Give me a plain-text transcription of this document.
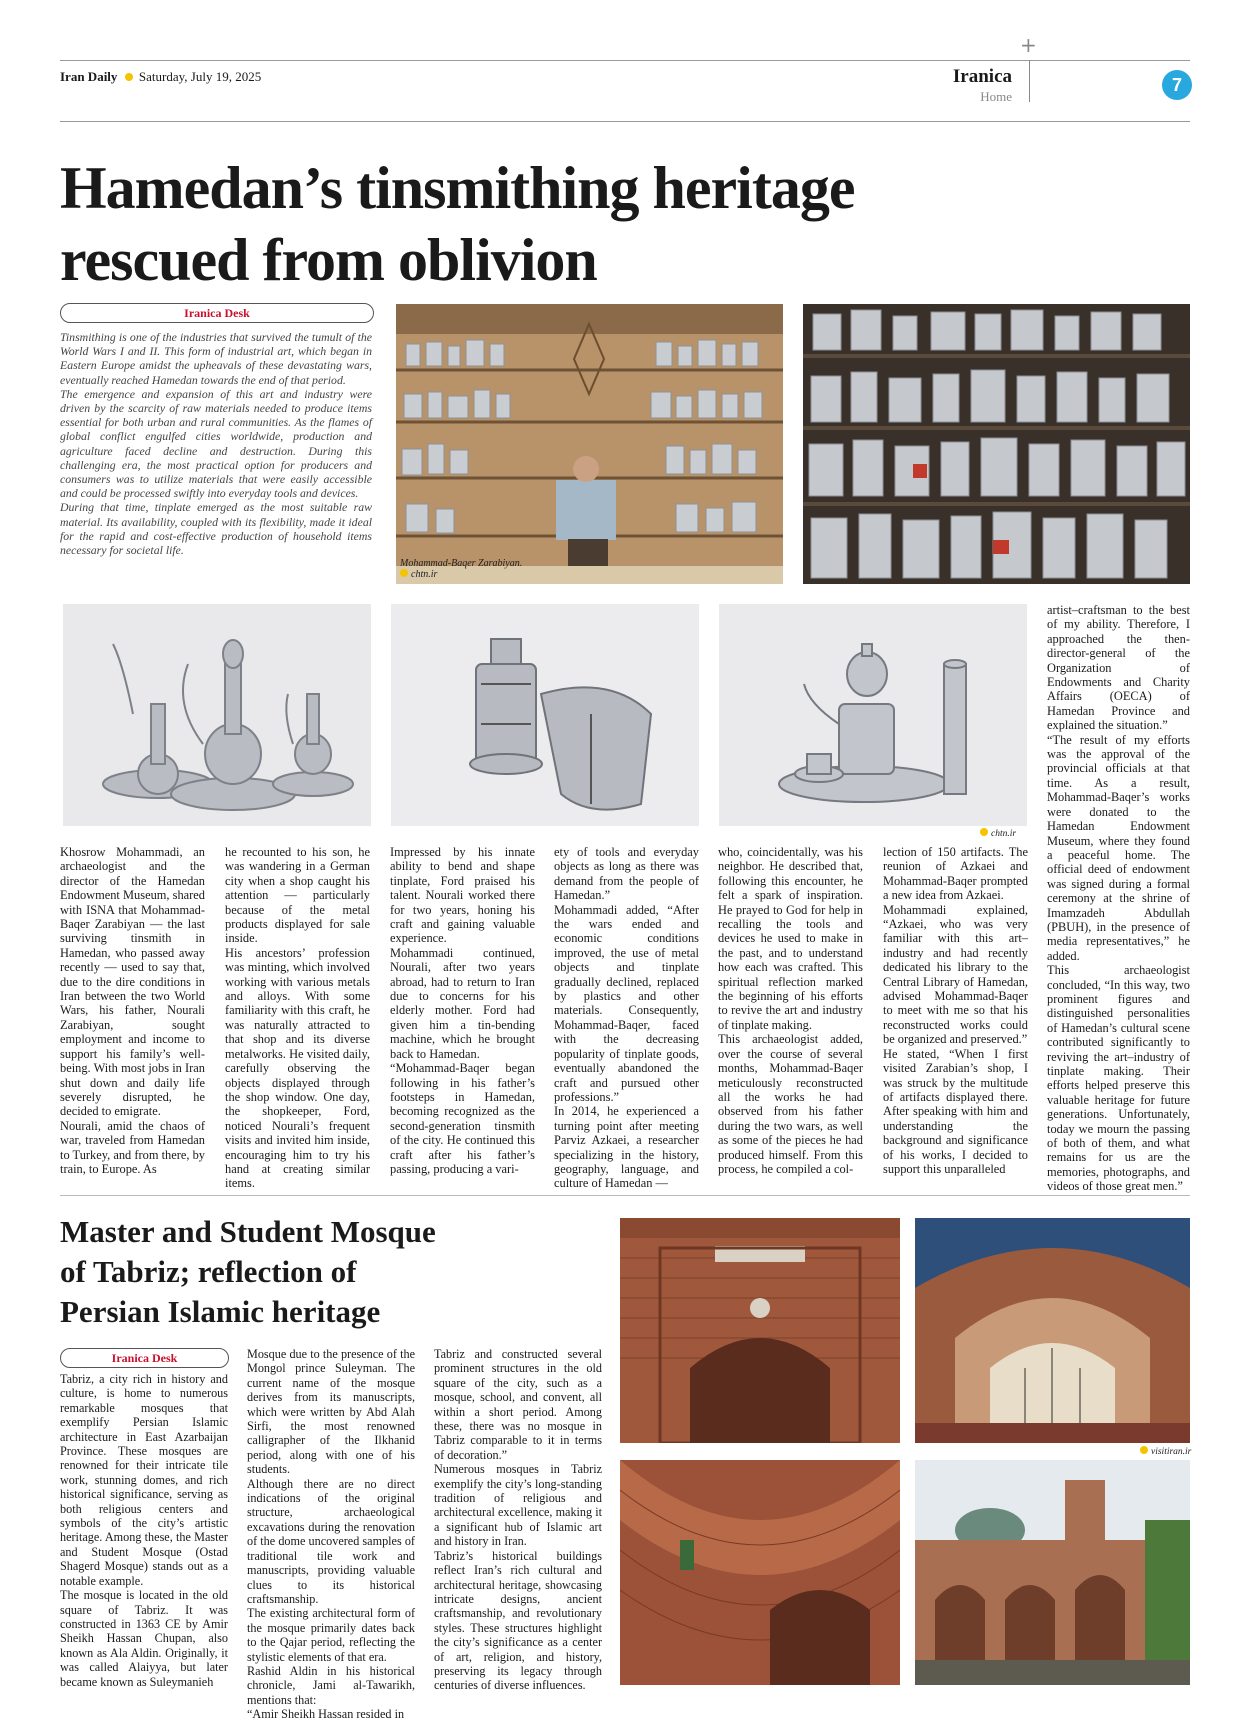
+
Iran Daily Saturday, July 19, 2025	Iranica
Home
7
Hamedan’s tinsmithing heritage
rescued from oblivion
Iranica Desk

Tinsmithing is one of the industries that survived the tumult of the World Wars I and II. This form of industrial art, which began in Eastern Europe amidst the upheavals of these devastating wars, eventually reached Hamedan towards the end of that period.

The emergence and expansion of this art and industry were driven by the scarcity of raw materials needed to produce items essential for both urban and rural communities. As the flames of global conflict engulfed cities worldwide, production and agriculture faced decline and destruction. During this challenging era, the most practical option for producers and consumers was to utilize materials that were easily accessible and could be processed swiftly into everyday tools and devices.

During that time, tinplate emerged as the most suitable raw material. Its availability, coupled with its flexibility, made it ideal for the rapid and cost-effective production of household items necessary for societal life.

Mohammad-Baqer Zarabiyan.
chtn.ir
chtn.ir

Khosrow Mohammadi, an archaeologist and the director of the Hamedan Endowment Museum, shared with ISNA that Mohammad-Baqer Zarabiyan — the last surviving tinsmith in Hamedan, who passed away recently — used to say that, due to the dire conditions in Iran between the two World Wars, his father, Nourali Zarabiyan, sought employment and income to support his family’s well-being. With most jobs in Iran shut down and daily life severely disrupted, he decided to emigrate.

Nourali, amid the chaos of war, traveled from Hamedan to Turkey, and from there, by train, to Europe. As

he recounted to his son, he was wandering in a German city when a shop caught his attention — particularly because of the metal products displayed for sale inside.

His ancestors’ profession was minting, which involved working with various metals and alloys. With some familiarity with this craft, he was naturally attracted to that shop and its diverse metalworks. He visited daily, carefully observing the objects displayed through the shop window. One day, the shopkeeper, Ford, noticed Nourali’s frequent visits and invited him inside, encouraging him to try his hand at creating similar items.

Impressed by his innate ability to bend and shape tinplate, Ford praised his talent. Nourali worked there for two years, honing his craft and gaining valuable experience.

Mohammadi continued, Nourali, after two years abroad, had to return to Iran due to concerns for his elderly mother. Ford had given him a tin-bending machine, which he brought back to Hamedan.

“Mohammad-Baqer began following in his father’s footsteps in Hamedan, becoming recognized as the second-generation tinsmith of the city. He continued this craft after his father’s passing, producing a vari-

ety of tools and everyday objects as long as there was demand from the people of Hamedan.”

Mohammadi added, “After the wars ended and economic conditions improved, the use of metal objects and tinplate gradually declined, replaced by plastics and other materials. Consequently, Mohammad-Baqer, faced with the decreasing popularity of tinplate goods, eventually abandoned the craft and pursued other professions.”

In 2014, he experienced a turning point after meeting Parviz Azkaei, a researcher specializing in the history, geography, language, and culture of Hamedan —

who, coincidentally, was his neighbor. He described that, following this encounter, he felt a spark of inspiration. He prayed to God for help in recalling the tools and devices he used to make in the past, and to understand how each was crafted. This spiritual reflection marked the beginning of his efforts to revive the art and industry of tinplate making.

This archaeologist added, over the course of several months, Mohammad-Baqer meticulously reconstructed all the works he had observed from his father during the two wars, as well as some of the pieces he had produced himself. From this process, he compiled a col-

lection of 150 artifacts. The reunion of Azkaei and Mohammad-Baqer prompted a new idea from Azkaei.

Mohammadi explained, “Azkaei, who was very familiar with this art–industry and had recently dedicated his library to the Central Library of Hamedan, advised Mohammad-Baqer to meet with me so that his reconstructed works could be organized and preserved.”

He stated, “When I first visited Zarabian’s shop, I was struck by the multitude of artifacts displayed there. After speaking with him and understanding the background and significance of his works, I decided to support this unparalleled

artist–craftsman to the best of my ability. Therefore, I approached the then-director-general of the Organization of Endowments and Charity Affairs (OECA) of Hamedan Province and explained the situation.”

“The result of my efforts was the approval of the provincial officials at that time. As a result, Mohammad-Baqer’s works were donated to the Hamedan Endowment Museum, where they found a peaceful home. The official deed of endowment was signed during a formal ceremony at the shrine of Imamzadeh Abdullah (PBUH), in the presence of media representatives,” he added.

This archaeologist concluded, “In this way, two prominent figures and distinguished personalities of Hamedan’s cultural scene contributed significantly to reviving the art–industry of tinplate making. Their efforts helped preserve this valuable heritage for future generations. Unfortunately, today we mourn the passing of both of them, and what remains for us are the memories, photographs, and videos of those great men.”

Master and Student Mosque
of Tabriz; reflection of
Persian Islamic heritage
Iranica Desk

Tabriz, a city rich in history and culture, is home to numerous remarkable mosques that exemplify Persian Islamic architecture in East Azarbaijan Province. These mosques are renowned for their intricate tile work, stunning domes, and rich historical significance, serving as both religious centers and symbols of the city’s artistic heritage. Among these, the Master and Student Mosque (Ostad Shagerd Mosque) stands out as a notable example.

The mosque is located in the old square of Tabriz. It was constructed in 1363 CE by Amir Sheikh Hassan Chupan, also known as Ala Aldin. Originally, it was called Alaiyya, but later became known as Suleymanieh

Mosque due to the presence of the Mongol prince Suleyman. The current name of the mosque derives from its manuscripts, which were written by Abd Alah Sirfi, the most renowned calligrapher of the Ilkhanid period, along with one of his students.

Although there are no direct indications of the original structure, archaeological excavations during the renovation of the dome uncovered samples of traditional tile work and manuscripts, providing valuable clues to its historical craftsmanship.

The existing architectural form of the mosque primarily dates back to the Qajar period, reflecting the stylistic elements of that era.

Rashid Aldin in his historical chronicle, Jami al-Tawarikh, mentions that:

“Amir Sheikh Hassan resided in

Tabriz and constructed several prominent structures in the old square of the city, such as a mosque, school, and convent, all within a short period. Among these, there was no mosque in Tabriz comparable to it in terms of decoration.”

Numerous mosques in Tabriz exemplify the city’s long-standing tradition of religious and architectural excellence, making it a significant hub of Islamic art and history in Iran.

Tabriz’s historical buildings reflect Iran’s rich cultural and architectural heritage, showcasing intricate designs, ancient craftsmanship, and revolutionary styles. These structures highlight the city’s significance as a center of art, religion, and history, preserving its legacy through centuries of diverse influences.

visitiran.ir
